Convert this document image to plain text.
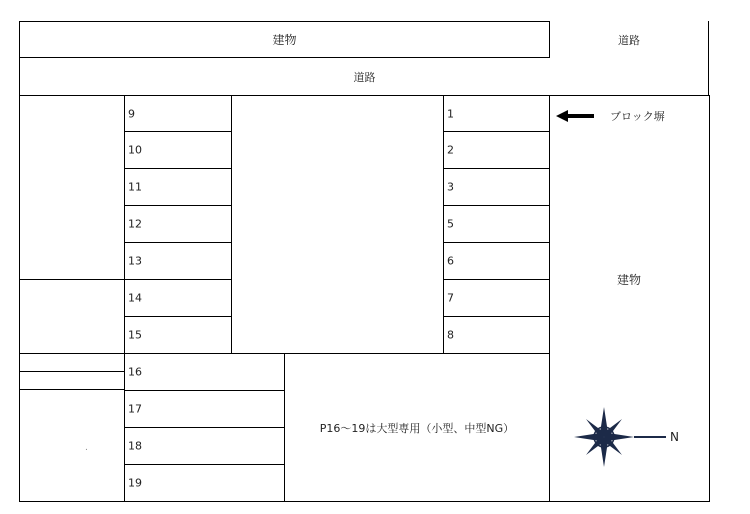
建物	道路
道路
9
10
11
12
13
14
15
1
2
3
5
6
7
8
16
17
18
19
P16〜19は大型専用（小型、中型NG）
.
ブロック塀
建物
N
